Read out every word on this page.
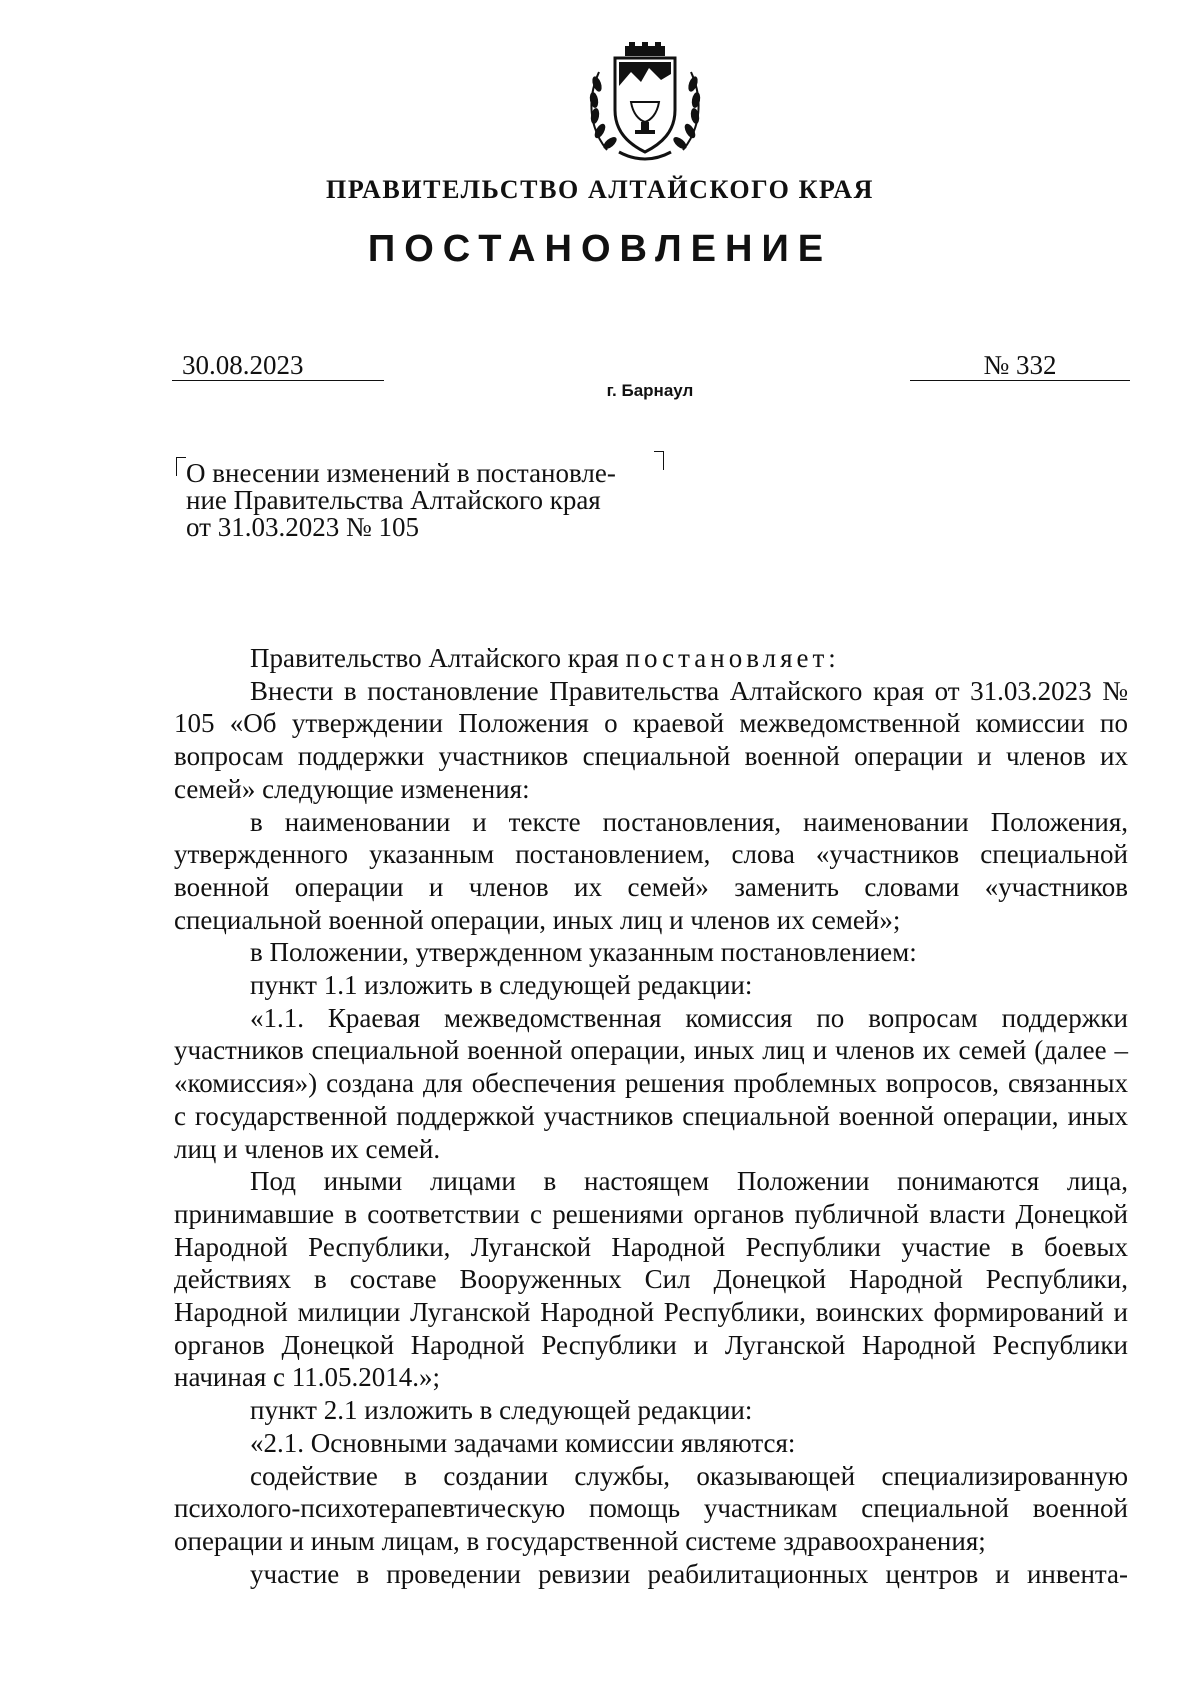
ПРАВИТЕЛЬСТВО АЛТАЙСКОГО КРАЯ
ПОСТАНОВЛЕНИЕ
30.08.2023	№ 332
г. Барнаул
О внесении изменений в постановле-
ние Правительства Алтайского края
от 31.03.2023 № 105

Правительство Алтайского края постановляет:

Внести в постановление Правительства Алтайского края от 31.03.2023 № 105 «Об утверждении Положения о краевой межведомственной комиссии по вопросам поддержки участников специальной военной операции и членов их семей» следующие изменения:

в наименовании и тексте постановления, наименовании Положения, утвержденного указанным постановлением, слова «участников специальной военной операции и членов их семей» заменить словами «участников специальной военной операции, иных лиц и членов их семей»;

в Положении, утвержденном указанным постановлением:

пункт 1.1 изложить в следующей редакции:

«1.1. Краевая межведомственная комиссия по вопросам поддержки участников специальной военной операции, иных лиц и членов их семей (далее – «комиссия») создана для обеспечения решения проблемных вопросов, связанных с государственной поддержкой участников специальной военной операции, иных лиц и членов их семей.

Под иными лицами в настоящем Положении понимаются лица, принимавшие в соответствии с решениями органов публичной власти Донецкой Народной Республики, Луганской Народной Республики участие в боевых действиях в составе Вооруженных Сил Донецкой Народной Республики, Народной милиции Луганской Народной Республики, воинских формирований и органов Донецкой Народной Республики и Луганской Народной Республики начиная с 11.05.2014.»;

пункт 2.1 изложить в следующей редакции:

«2.1. Основными задачами комиссии являются:

содействие в создании службы, оказывающей специализированную психолого-психотерапевтическую помощь участникам специальной военной операции и иным лицам, в государственной системе здравоохранения;

участие в проведении ревизии реабилитационных центров и инвента-
